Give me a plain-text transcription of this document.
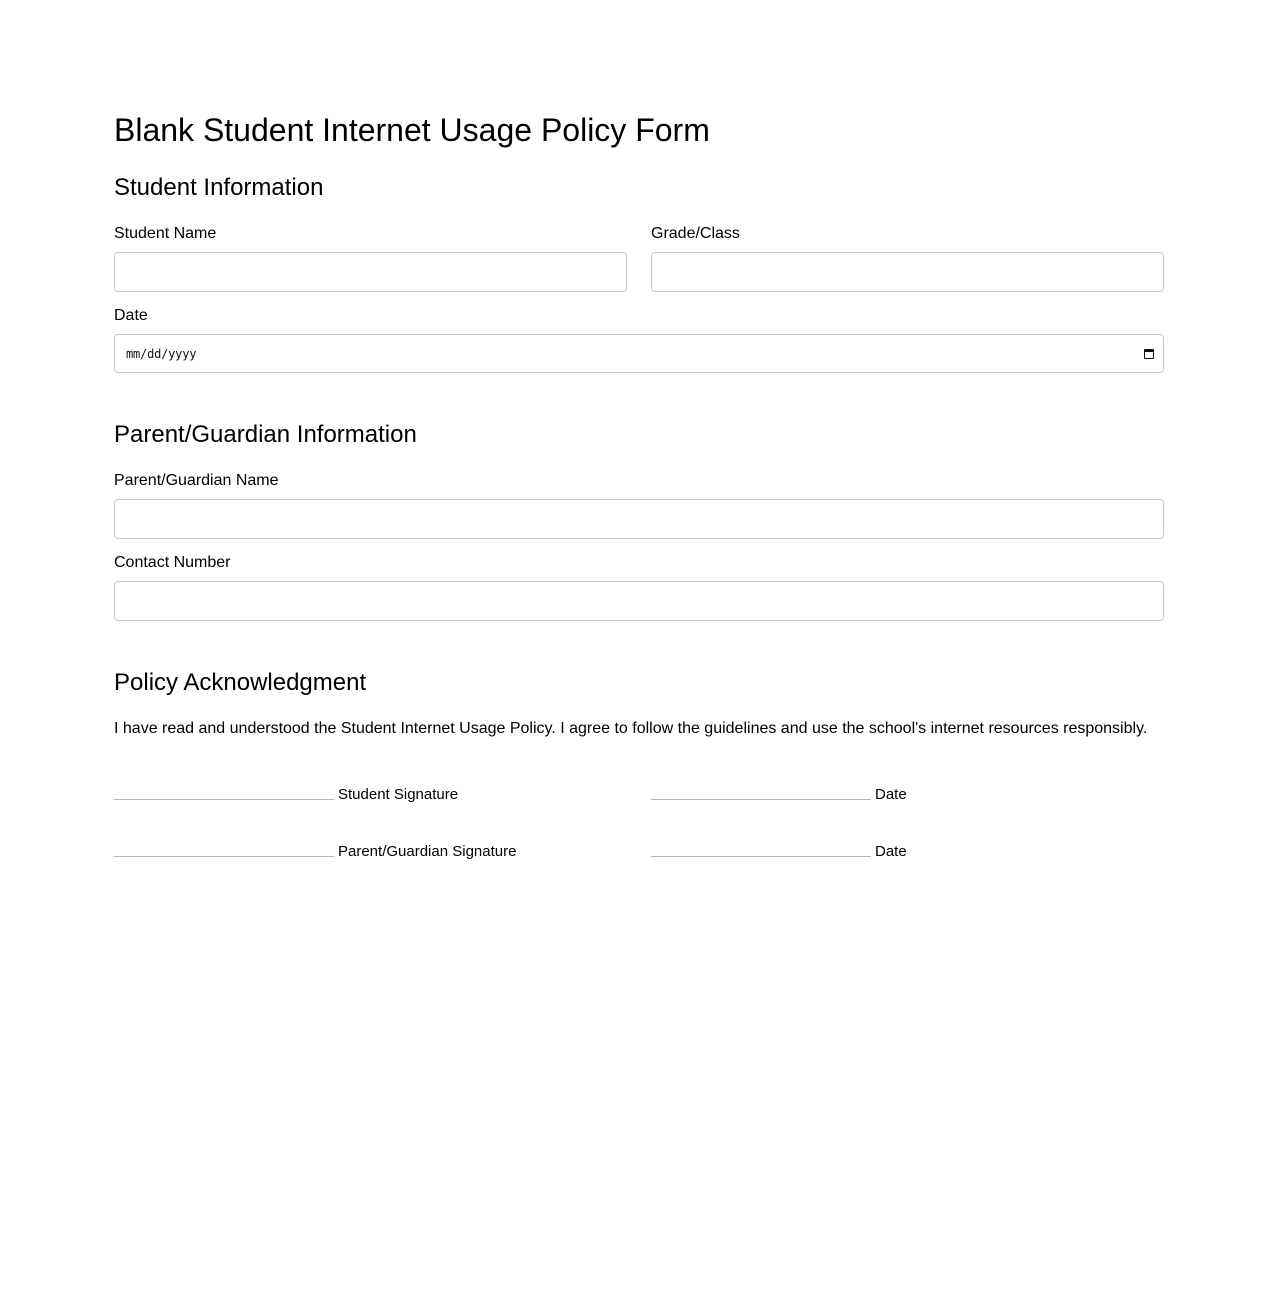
Blank Student Internet Usage Policy Form
Student Information
Student Name	Grade/Class
Date
mm/dd/yyyy
Parent/Guardian Information
Parent/Guardian Name
Contact Number
Policy Acknowledgment

I have read and understood the Student Internet Usage Policy. I agree to follow the guidelines and use the school's internet resources responsibly.

Student Signature	Date
Parent/Guardian Signature	Date
